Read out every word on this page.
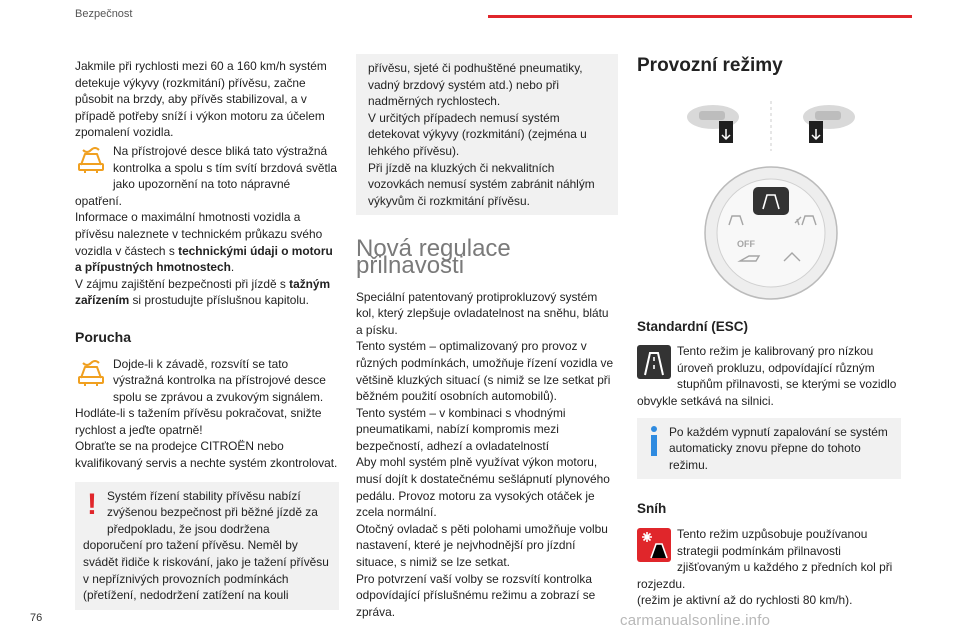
Bezpečnost

Jakmile při rychlosti mezi 60 a 160 km/h systém detekuje výkyvy (rozkmitání) přívěsu, začne působit na brzdy, aby přívěs stabilizoval, a v případě potřeby sníží i výkon motoru za účelem zpomalení vozidla.

Na přístrojové desce bliká tato výstražná kontrolka a spolu s tím svítí brzdová světla jako upozornění na toto nápravné opatření.

Informace o maximální hmotnosti vozidla a přívěsu naleznete v technickém průkazu svého vozidla v částech s technickými údaji o motoru a přípustných hmotnostech.

V zájmu zajištění bezpečnosti při jízdě s tažným zařízením si prostudujte příslušnou kapitolu.

Porucha

Dojde-li k závadě, rozsvítí se tato výstražná kontrolka na přístrojové desce spolu se zprávou a zvukovým signálem.

Hodláte-li s tažením přívěsu pokračovat, snižte rychlost a jeďte opatrně!

Obraťte se na prodejce CITROËN nebo kvalifikovaný servis a nechte systém zkontrolovat.

! Systém řízení stability přívěsu nabízí zvýšenou bezpečnost při běžné jízdě za předpokladu, že jsou dodržena doporučení pro tažení přívěsu. Neměl by svádět řidiče k riskování, jako je tažení přívěsu v nepříznivých provozních podmínkách (přetížení, nedodržení zatížení na kouli

přívěsu, sjeté či podhuštěné pneumatiky, vadný brzdový systém atd.) nebo při nadměrných rychlostech.

V určitých případech nemusí systém detekovat výkyvy (rozkmitání) (zejména u lehkého přívěsu).

Při jízdě na kluzkých či nekvalitních vozovkách nemusí systém zabránit náhlým výkyvům či rozkmitání přívěsu.

Nová regulace přilnavosti

Speciální patentovaný protiprokluzový systém kol, který zlepšuje ovladatelnost na sněhu, blátu a písku.

Tento systém – optimalizovaný pro provoz v různých podmínkách, umožňuje řízení vozidla ve většině kluzkých situací (s nimiž se lze setkat při běžném použití osobních automobilů).

Tento systém – v kombinaci s vhodnými pneumatikami, nabízí kompromis mezi bezpečností, adhezí a ovladatelností

Aby mohl systém plně využívat výkon motoru, musí dojít k dostatečnému sešlápnutí plynového pedálu. Provoz motoru za vysokých otáček je zcela normální.

Otočný ovladač s pěti polohami umožňuje volbu nastavení, které je nejvhodnější pro jízdní situace, s nimiž se lze setkat.

Pro potvrzení vaší volby se rozsvítí kontrolka odpovídající příslušnému režimu a zobrazí se zpráva.

Provozní režimy
OFF
Standardní (ESC)

Tento režim je kalibrovaný pro nízkou úroveň prokluzu, odpovídající různým stupňům přilnavosti, se kterými se vozidlo obvykle setkává na silnici.

Po každém vypnutí zapalování se systém automaticky znovu přepne do tohoto režimu.

Sníh

Tento režim uzpůsobuje používanou strategii podmínkám přilnavosti zjišťovaným u každého z předních kol při rozjezdu.

(režim je aktivní až do rychlosti 80 km/h).

76	carmanualsonline.info
